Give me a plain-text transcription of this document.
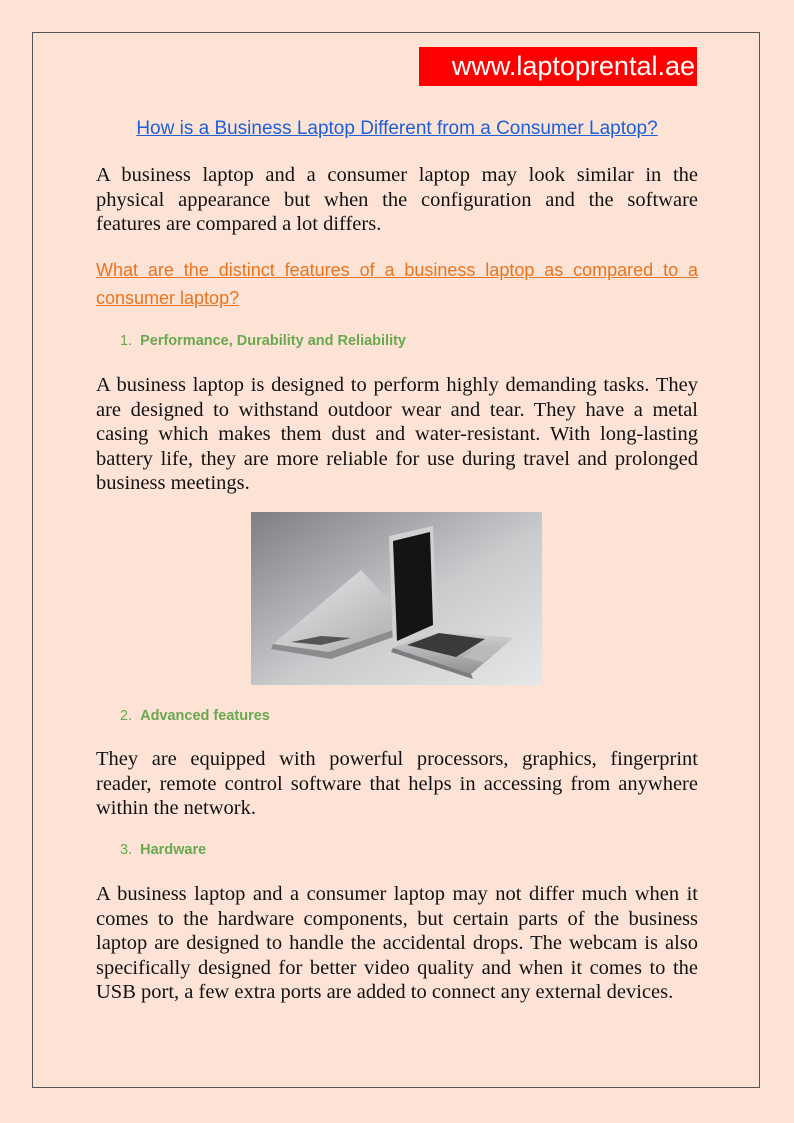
www.laptoprental.ae
How is a Business Laptop Different from a Consumer Laptop?
A business laptop and a consumer laptop may look similar in the physical appearance but when the configuration and the software features are compared a lot differs.
What are the distinct features of a business laptop as compared to a consumer laptop?
1. Performance, Durability and Reliability
A business laptop is designed to perform highly demanding tasks. They are designed to withstand outdoor wear and tear. They have a metal casing which makes them dust and water-resistant. With long-lasting battery life, they are more reliable for use during travel and prolonged business meetings.
2. Advanced features
They are equipped with powerful processors, graphics, fingerprint reader, remote control software that helps in accessing from anywhere within the network.
3. Hardware
A business laptop and a consumer laptop may not differ much when it comes to the hardware components, but certain parts of the business laptop are designed to handle the accidental drops. The webcam is also specifically designed for better video quality and when it comes to the USB port, a few extra ports are added to connect any external devices.
